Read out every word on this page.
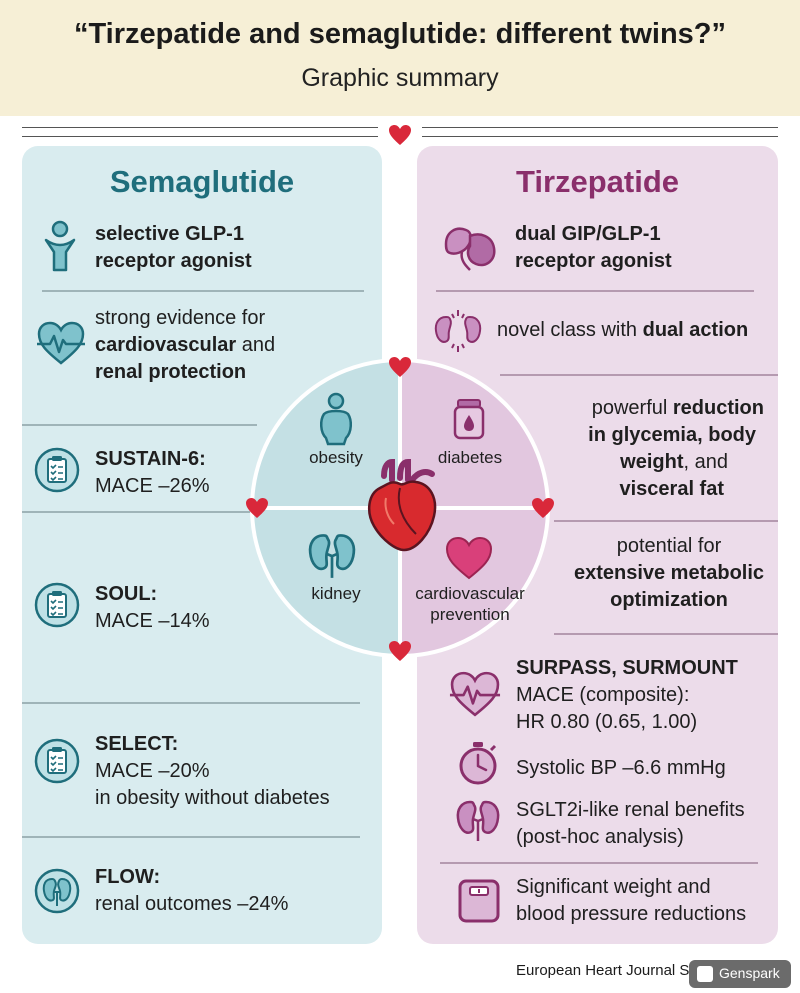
“Tirzepatide and semaglutide: different twins?”
Graphic summary
Semaglutide	Tirzepatide
selective GLP-1
receptor agonist
strong evidence for
cardiovascular and
renal protection
SUSTAIN-6:
MACE –26%
SOUL:
MACE –14%
SELECT:
MACE –20%
in obesity without diabetes
FLOW:
renal outcomes –24%
dual GIP/GLP-1
receptor agonist
novel class with dual action
powerful reduction
in glycemia, body
weight, and
visceral fat
potential for
extensive metabolic
optimization
SURPASS, SURMOUNT
MACE (composite):
HR 0.80 (0.65, 1.00)
Systolic BP –6.6 mmHg
SGLT2i-like renal benefits
(post-hoc analysis)
Significant weight and
blood pressure reductions
obesity	diabetes
kidney	cardiovascular
prevention
European Heart Journal S Genspark
